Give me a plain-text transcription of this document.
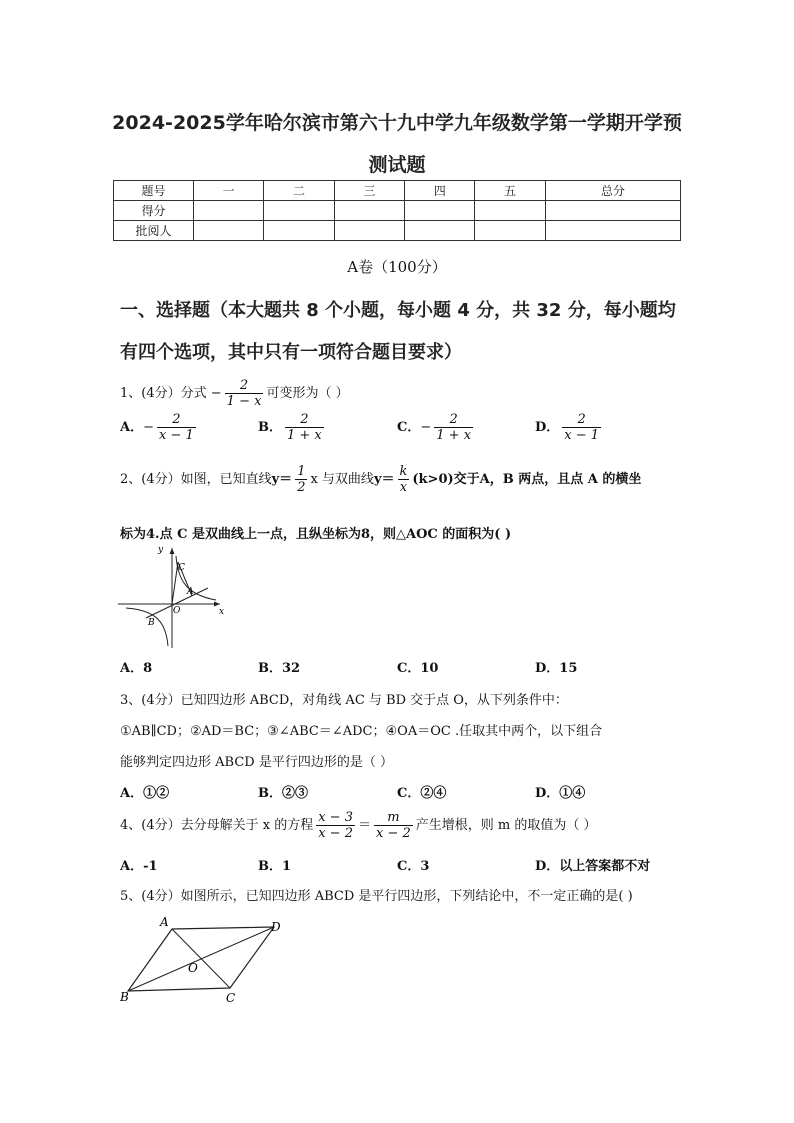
2024-2025学年哈尔滨市第六十九中学九年级数学第一学期开学预
测试题
题号	一	二	三	四	五	总分
得分						
批阅人						
A卷（100分）
一、选择题（本大题共 8 个小题，每小题 4 分，共 32 分，每小题均
有四个选项，其中只有一项符合题目要求）
1、(4分）分式 − $\frac{2}{1 - x}$ 可变形为（ ）
A．− $\frac{2}{x - 1}$	B． $\frac{2}{1 + x}$	C．− $\frac{2}{1 + x}$	D． $\frac{2}{x - 1}$
2、(4分）如图，已知直线$y= \frac{1}{2}$ x 与双曲线$y= \frac{k}{x} (k>0)$交于A，B 两点，且点 A 的横坐
标为4.点 C 是双曲线上一点，且纵坐标为8，则△AOC 的面积为( )
y
x
O
A
B
C
A．8	B．32	C．10	D．15
3、(4分）已知四边形 ABCD，对角线 AC 与 BD 交于点 O，从下列条件中：
①AB∥CD；②AD＝BC；③∠ABC＝∠ADC；④OA＝OC .任取其中两个，以下组合
能够判定四边形 ABCD 是平行四边形的是（ ）
A．①②	B．②③	C．②④	D．①④
4、(4分）去分母解关于 x 的方程 $\frac{x - 3}{x - 2} = \frac{m}{x - 2}$ 产生增根，则 m 的取值为（ ）
A．-1	B．1	C．3	D．以上答案都不对
5、(4分）如图所示，已知四边形 ABCD 是平行四边形，下列结论中，不一定正确的是( )
A
B	C
D
O
